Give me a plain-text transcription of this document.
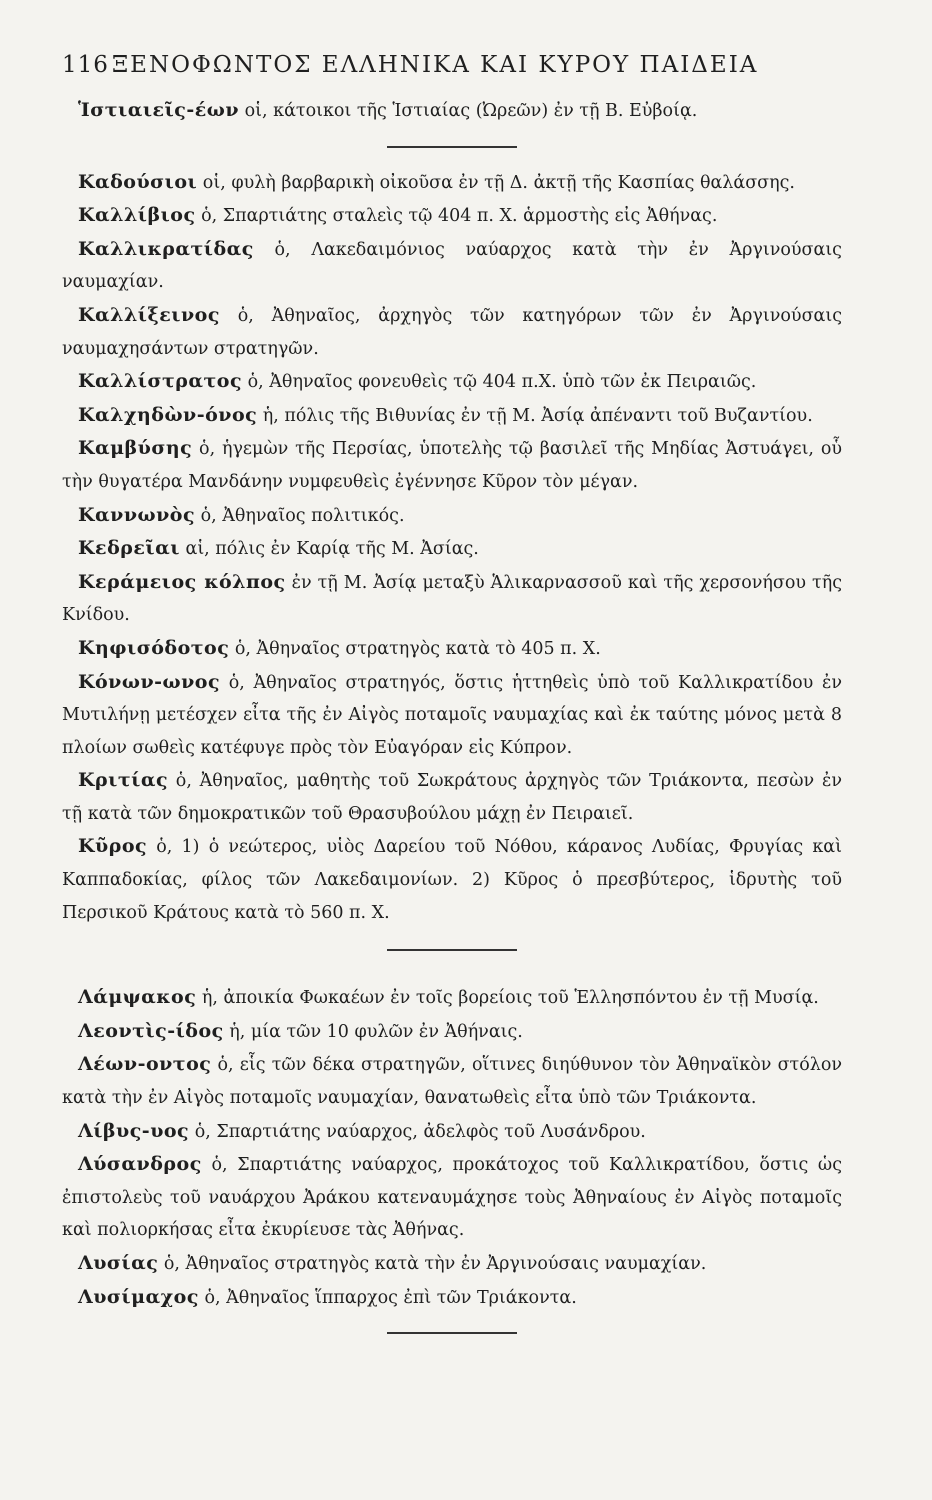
116 ΞΕΝΟΦΩΝΤΟΣ ΕΛΛΗΝΙΚΑ ΚΑΙ ΚΥΡΟΥ ΠΑΙΔΕΙΑ

Ἱστιαιεῖς-έων οἱ, κάτοικοι τῆς Ἱστιαίας (Ὠρεῶν) ἐν τῇ Β. Εὐβοίᾳ.

Καδούσιοι οἱ, φυλὴ βαρβαρικὴ οἰκοῦσα ἐν τῇ Δ. ἀκτῇ τῆς Κασπίας θαλάσσης.

Καλλίβιος ὁ, Σπαρτιάτης σταλεὶς τῷ 404 π. Χ. ἁρμοστὴς εἰς Ἀθήνας.

Καλλικρατίδας ὁ, Λακεδαιμόνιος ναύαρχος κατὰ τὴν ἐν Ἀργινούσαις ναυμαχίαν.

Καλλίξεινος ὁ, Ἀθηναῖος, ἀρχηγὸς τῶν κατηγόρων τῶν ἐν Ἀργινούσαις ναυμαχησάντων στρατηγῶν.

Καλλίστρατος ὁ, Ἀθηναῖος φονευθεὶς τῷ 404 π.Χ. ὑπὸ τῶν ἐκ Πειραιῶς.

Καλχηδὼν-όνος ἡ, πόλις τῆς Βιθυνίας ἐν τῇ Μ. Ἀσίᾳ ἀπέναντι τοῦ Βυζαντίου.

Καμβύσης ὁ, ἡγεμὼν τῆς Περσίας, ὑποτελὴς τῷ βασιλεῖ τῆς Μηδίας Ἀστυάγει, οὗ τὴν θυγατέρα Μανδάνην νυμφευθεὶς ἐγέννησε Κῦρον τὸν μέγαν.

Καννωνὸς ὁ, Ἀθηναῖος πολιτικός.

Κεδρεῖαι αἱ, πόλις ἐν Καρίᾳ τῆς Μ. Ἀσίας.

Κεράμειος κόλπος ἐν τῇ Μ. Ἀσίᾳ μεταξὺ Ἁλικαρνασσοῦ καὶ τῆς χερσονήσου τῆς Κνίδου.

Κηφισόδοτος ὁ, Ἀθηναῖος στρατηγὸς κατὰ τὸ 405 π. Χ.

Κόνων-ωνος ὁ, Ἀθηναῖος στρατηγός, ὅστις ἡττηθεὶς ὑπὸ τοῦ Καλλικρατίδου ἐν Μυτιλήνῃ μετέσχεν εἶτα τῆς ἐν Αἰγὸς ποταμοῖς ναυμαχίας καὶ ἐκ ταύτης μόνος μετὰ 8 πλοίων σωθεὶς κατέφυγε πρὸς τὸν Εὐαγόραν εἰς Κύπρον.

Κριτίας ὁ, Ἀθηναῖος, μαθητὴς τοῦ Σωκράτους ἀρχηγὸς τῶν Τριάκοντα, πεσὼν ἐν τῇ κατὰ τῶν δημοκρατικῶν τοῦ Θρασυβούλου μάχῃ ἐν Πειραιεῖ.

Κῦρος ὁ, 1) ὁ νεώτερος, υἱὸς Δαρείου τοῦ Νόθου, κάρανος Λυδίας, Φρυγίας καὶ Καππαδοκίας, φίλος τῶν Λακεδαιμονίων. 2) Κῦρος ὁ πρεσβύτερος, ἱδρυτὴς τοῦ Περσικοῦ Κράτους κατὰ τὸ 560 π. Χ.

Λάμψακος ἡ, ἀποικία Φωκαέων ἐν τοῖς βορείοις τοῦ Ἑλλησπόντου ἐν τῇ Μυσίᾳ.

Λεοντὶς-ίδος ἡ, μία τῶν 10 φυλῶν ἐν Ἀθήναις.

Λέων-οντος ὁ, εἷς τῶν δέκα στρατηγῶν, οἵτινες διηύθυνον τὸν Ἀθηναϊκὸν στόλον κατὰ τὴν ἐν Αἰγὸς ποταμοῖς ναυμαχίαν, θανατωθεὶς εἶτα ὑπὸ τῶν Τριάκοντα.

Λίβυς-υος ὁ, Σπαρτιάτης ναύαρχος, ἀδελφὸς τοῦ Λυσάνδρου.

Λύσανδρος ὁ, Σπαρτιάτης ναύαρχος, προκάτοχος τοῦ Καλλικρατίδου, ὅστις ὡς ἐπιστολεὺς τοῦ ναυάρχου Ἀράκου κατεναυμάχησε τοὺς Ἀθηναίους ἐν Αἰγὸς ποταμοῖς καὶ πολιορκήσας εἶτα ἐκυρίευσε τὰς Ἀθήνας.

Λυσίας ὁ, Ἀθηναῖος στρατηγὸς κατὰ τὴν ἐν Ἀργινούσαις ναυμαχίαν.

Λυσίμαχος ὁ, Ἀθηναῖος ἵππαρχος ἐπὶ τῶν Τριάκοντα.
